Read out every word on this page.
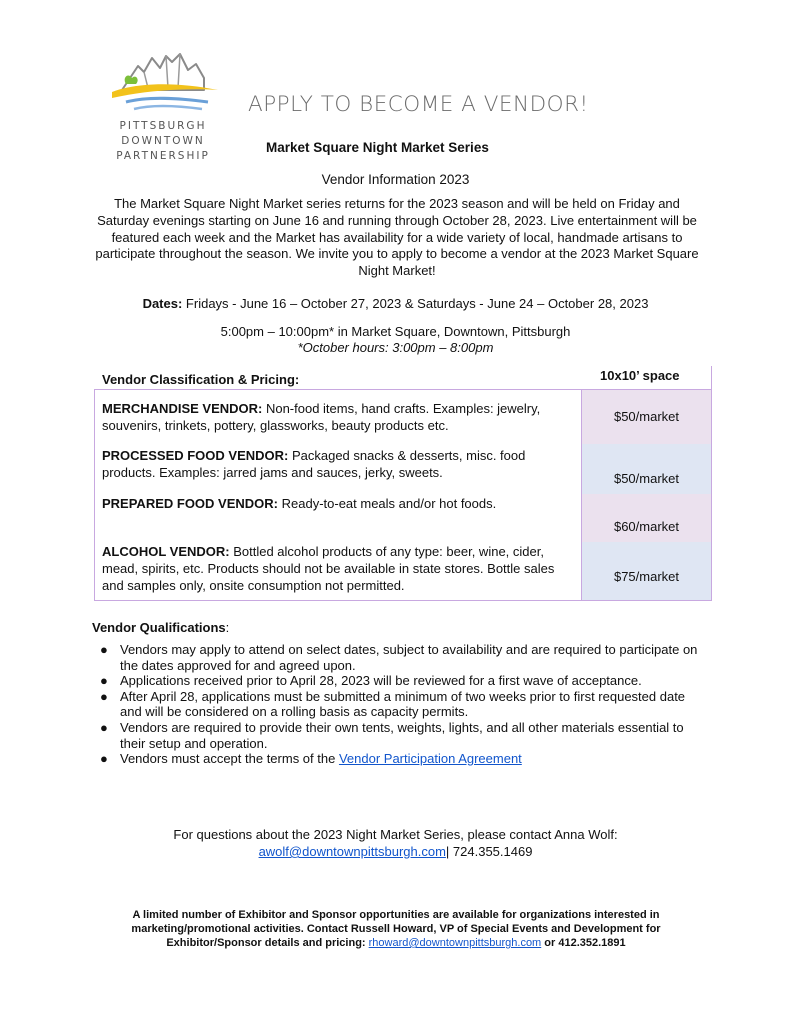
PITTSBURGH
DOWNTOWN
PARTNERSHIP
APPLY TO BECOME A VENDOR!
Market Square Night Market Series
Vendor Information 2023
The Market Square Night Market series returns for the 2023 season and will be held on Friday and Saturday evenings starting on June 16 and running through October 28, 2023. Live entertainment will be featured each week and the Market has availability for a wide variety of local, handmade artisans to participate throughout the season. We invite you to apply to become a vendor at the 2023 Market Square Night Market!
Dates: Fridays - June 16 – October 27, 2023 & Saturdays - June 24 – October 28, 2023
5:00pm – 10:00pm* in Market Square, Downtown, Pittsburgh
*October hours: 3:00pm – 8:00pm
Vendor Classification & Pricing:	10x10’ space
MERCHANDISE VENDOR: Non-food items, hand crafts. Examples: jewelry, souvenirs, trinkets, pottery, glassworks, beauty products etc.
$50/market
PROCESSED FOOD VENDOR: Packaged snacks & desserts, misc. food products. Examples: jarred jams and sauces, jerky, sweets.	$50/market
PREPARED FOOD VENDOR: Ready-to-eat meals and/or hot foods.
$60/market
ALCOHOL VENDOR: Bottled alcohol products of any type: beer, wine, cider, mead, spirits, etc. Products should not be available in state stores. Bottle sales and samples only, onsite consumption not permitted.
$75/market
Vendor Qualifications:
● Vendors may apply to attend on select dates, subject to availability and are required to participate on the dates approved for and agreed upon.
● Applications received prior to April 28, 2023 will be reviewed for a first wave of acceptance.
● After April 28, applications must be submitted a minimum of two weeks prior to first requested date and will be considered on a rolling basis as capacity permits.
● Vendors are required to provide their own tents, weights, lights, and all other materials essential to their setup and operation.
● Vendors must accept the terms of the Vendor Participation Agreement
For questions about the 2023 Night Market Series, please contact Anna Wolf:
awolf@downtownpittsburgh.com| 724.355.1469
A limited number of Exhibitor and Sponsor opportunities are available for organizations interested in marketing/promotional activities. Contact Russell Howard, VP of Special Events and Development for Exhibitor/Sponsor details and pricing: rhoward@downtownpittsburgh.com or 412.352.1891
